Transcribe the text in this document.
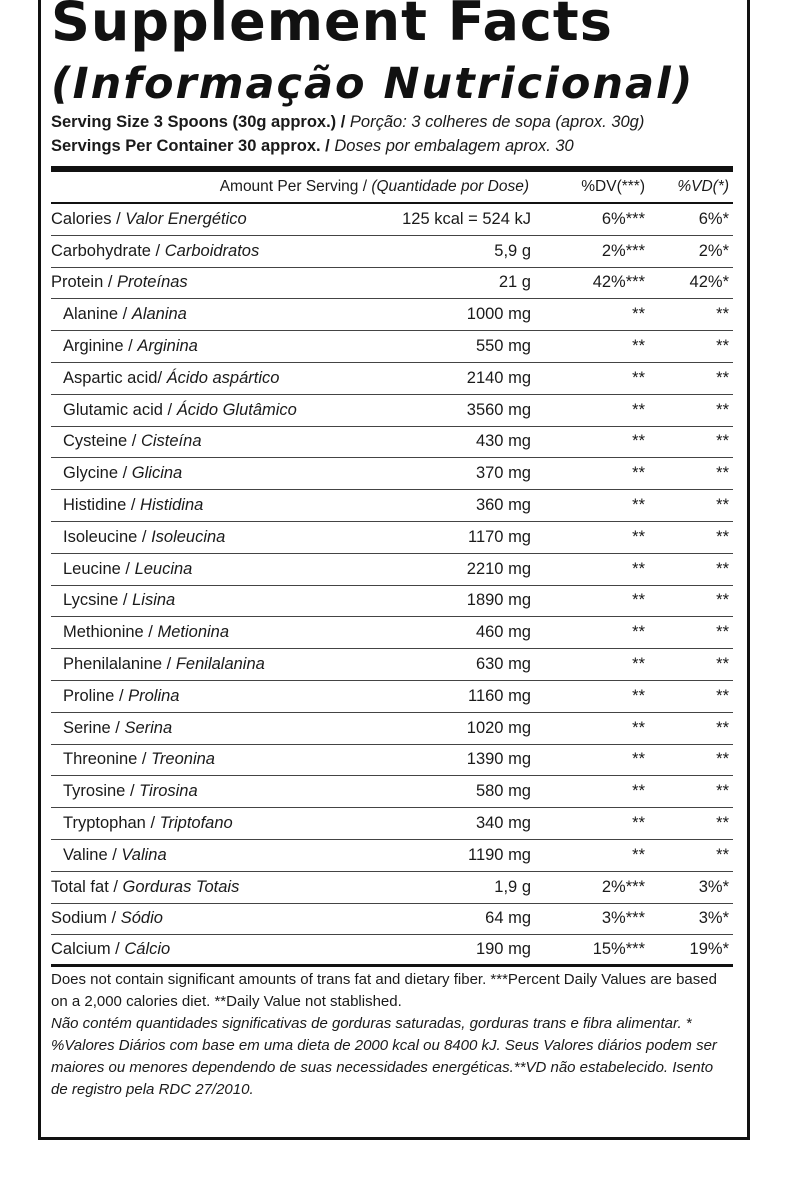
Supplement Facts
(Informação Nutricional)
Serving Size 3 Spoons (30g approx.) / Porção: 3 colheres de sopa (aprox. 30g)
Servings Per Container 30 approx. / Doses por embalagem aprox. 30
Amount Per Serving / (Quantidade por Dose)	%DV(***)	%VD(*)
Calories / Valor Energético	125 kcal = 524 kJ	6%***	6%*
Carbohydrate / Carboidratos	5,9 g	2%***	2%*
Protein / Proteínas	21 g	42%***	42%*
Alanine / Alanina	1000 mg	**	**
Arginine / Arginina	550 mg	**	**
Aspartic acid/ Ácido aspártico	2140 mg	**	**
Glutamic acid / Ácido Glutâmico	3560 mg	**	**
Cysteine / Cisteína	430 mg	**	**
Glycine / Glicina	370 mg	**	**
Histidine / Histidina	360 mg	**	**
Isoleucine / Isoleucina	1170 mg	**	**
Leucine / Leucina	2210 mg	**	**
Lycsine / Lisina	1890 mg	**	**
Methionine / Metionina	460 mg	**	**
Phenilalanine / Fenilalanina	630 mg	**	**
Proline / Prolina	1160 mg	**	**
Serine / Serina	1020 mg	**	**
Threonine / Treonina	1390 mg	**	**
Tyrosine / Tirosina	580 mg	**	**
Tryptophan / Triptofano	340 mg	**	**
Valine / Valina	1190 mg	**	**
Total fat / Gorduras Totais	1,9 g	2%***	3%*
Sodium / Sódio	64 mg	3%***	3%*
Calcium / Cálcio	190 mg	15%***	19%*
Does not contain significant amounts of trans fat and dietary fiber. ***Percent Daily Values are based on a 2,000 calories diet. **Daily Value not stablished.
Não contém quantidades significativas de gorduras saturadas, gorduras trans e fibra alimentar. * %Valores Diários com base em uma dieta de 2000 kcal ou 8400 kJ. Seus Valores diários podem ser maiores ou menores dependendo de suas necessidades energéticas.**VD não estabelecido. Isento de registro pela RDC 27/2010.
